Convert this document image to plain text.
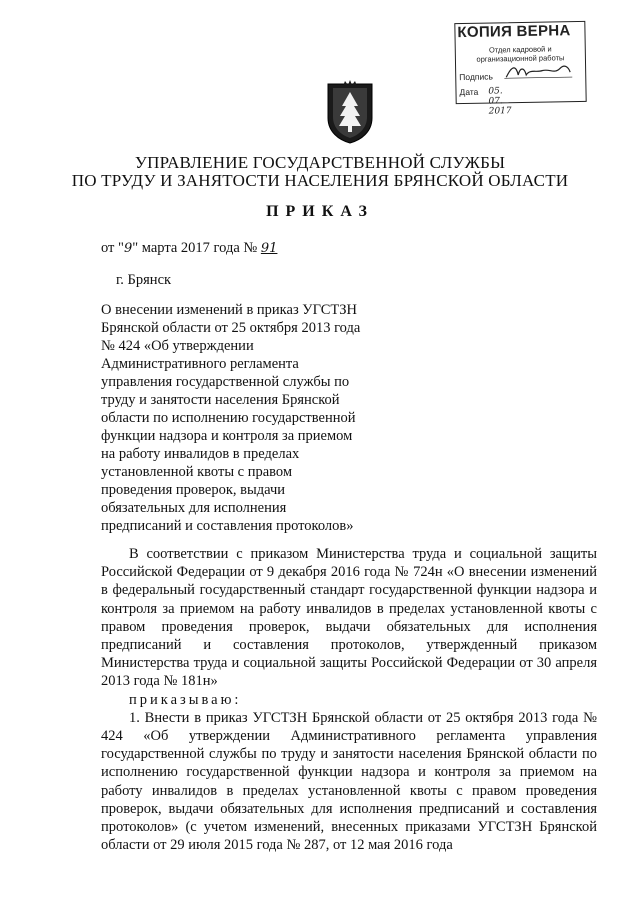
КОПИЯ ВЕРНА
Отдел кадровой и
организационной работы
Подпись
Дата 05. 07. 2017
УПРАВЛЕНИЕ ГОСУДАРСТВЕННОЙ СЛУЖБЫ
ПО ТРУДУ И ЗАНЯТОСТИ НАСЕЛЕНИЯ БРЯНСКОЙ ОБЛАСТИ
ПРИКАЗ
от "9" марта 2017 года № 91
г. Брянск
О внесении изменений в приказ УГСТЗН
Брянской области от 25 октября 2013 года
№ 424 «Об утверждении
Административного регламента
управления государственной службы по
труду и занятости населения Брянской
области по исполнению государственной
функции надзора и контроля за приемом
на работу инвалидов в пределах
установленной квоты с правом
проведения проверок, выдачи
обязательных для исполнения
предписаний и составления протоколов»

В соответствии с приказом Министерства труда и социальной защиты Российской Федерации от 9 декабря 2016 года № 724н «О внесении изменений в федеральный государственный стандарт государственной функции надзора и контроля за приемом на работу инвалидов в пределах установленной квоты с правом проведения проверок, выдачи обязательных для исполнения предписаний и составления протоколов, утвержденный приказом Министерства труда и социальной защиты Российской Федерации от 30 апреля 2013 года № 181н»

приказываю:

1. Внести в приказ УГСТЗН Брянской области от 25 октября 2013 года № 424 «Об утверждении Административного регламента управления государственной службы по труду и занятости населения Брянской области по исполнению государственной функции надзора и контроля за приемом на работу инвалидов в пределах установленной квоты с правом проведения проверок, выдачи обязательных для исполнения предписаний и составления протоколов» (с учетом изменений, внесенных приказами УГСТЗН Брянской области от 29 июля 2015 года № 287, от 12 мая 2016 года
